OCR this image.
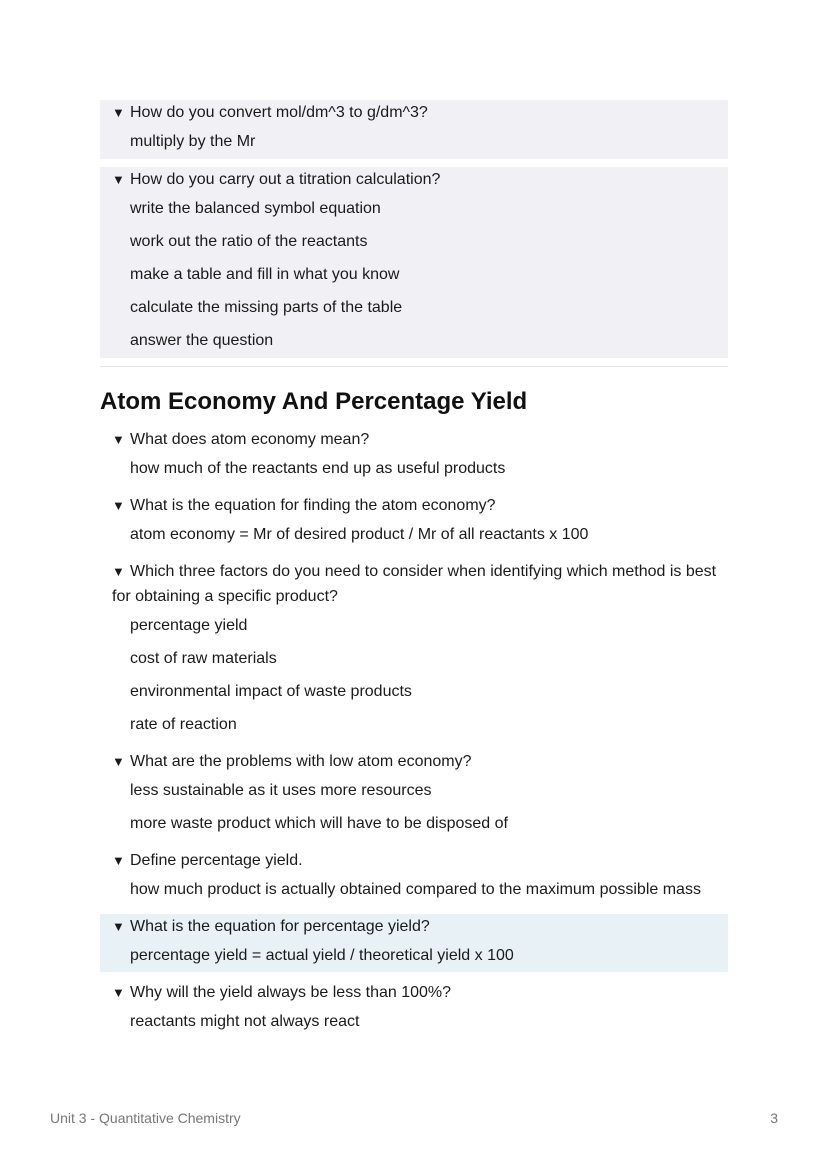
▼ How do you convert mol/dm^3 to g/dm^3?
multiply by the Mr
▼ How do you carry out a titration calculation?
write the balanced symbol equation
work out the ratio of the reactants
make a table and fill in what you know
calculate the missing parts of the table
answer the question
Atom Economy And Percentage Yield
▼ What does atom economy mean?
how much of the reactants end up as useful products
▼ What is the equation for finding the atom economy?
atom economy = Mr of desired product / Mr of all reactants x 100
▼ Which three factors do you need to consider when identifying which method is best for obtaining a specific product?
percentage yield
cost of raw materials
environmental impact of waste products
rate of reaction
▼ What are the problems with low atom economy?
less sustainable as it uses more resources
more waste product which will have to be disposed of
▼ Define percentage yield.
how much product is actually obtained compared to the maximum possible mass
▼ What is the equation for percentage yield?
percentage yield = actual yield / theoretical yield x 100
▼ Why will the yield always be less than 100%?
reactants might not always react
Unit 3 - Quantitative Chemistry	3
